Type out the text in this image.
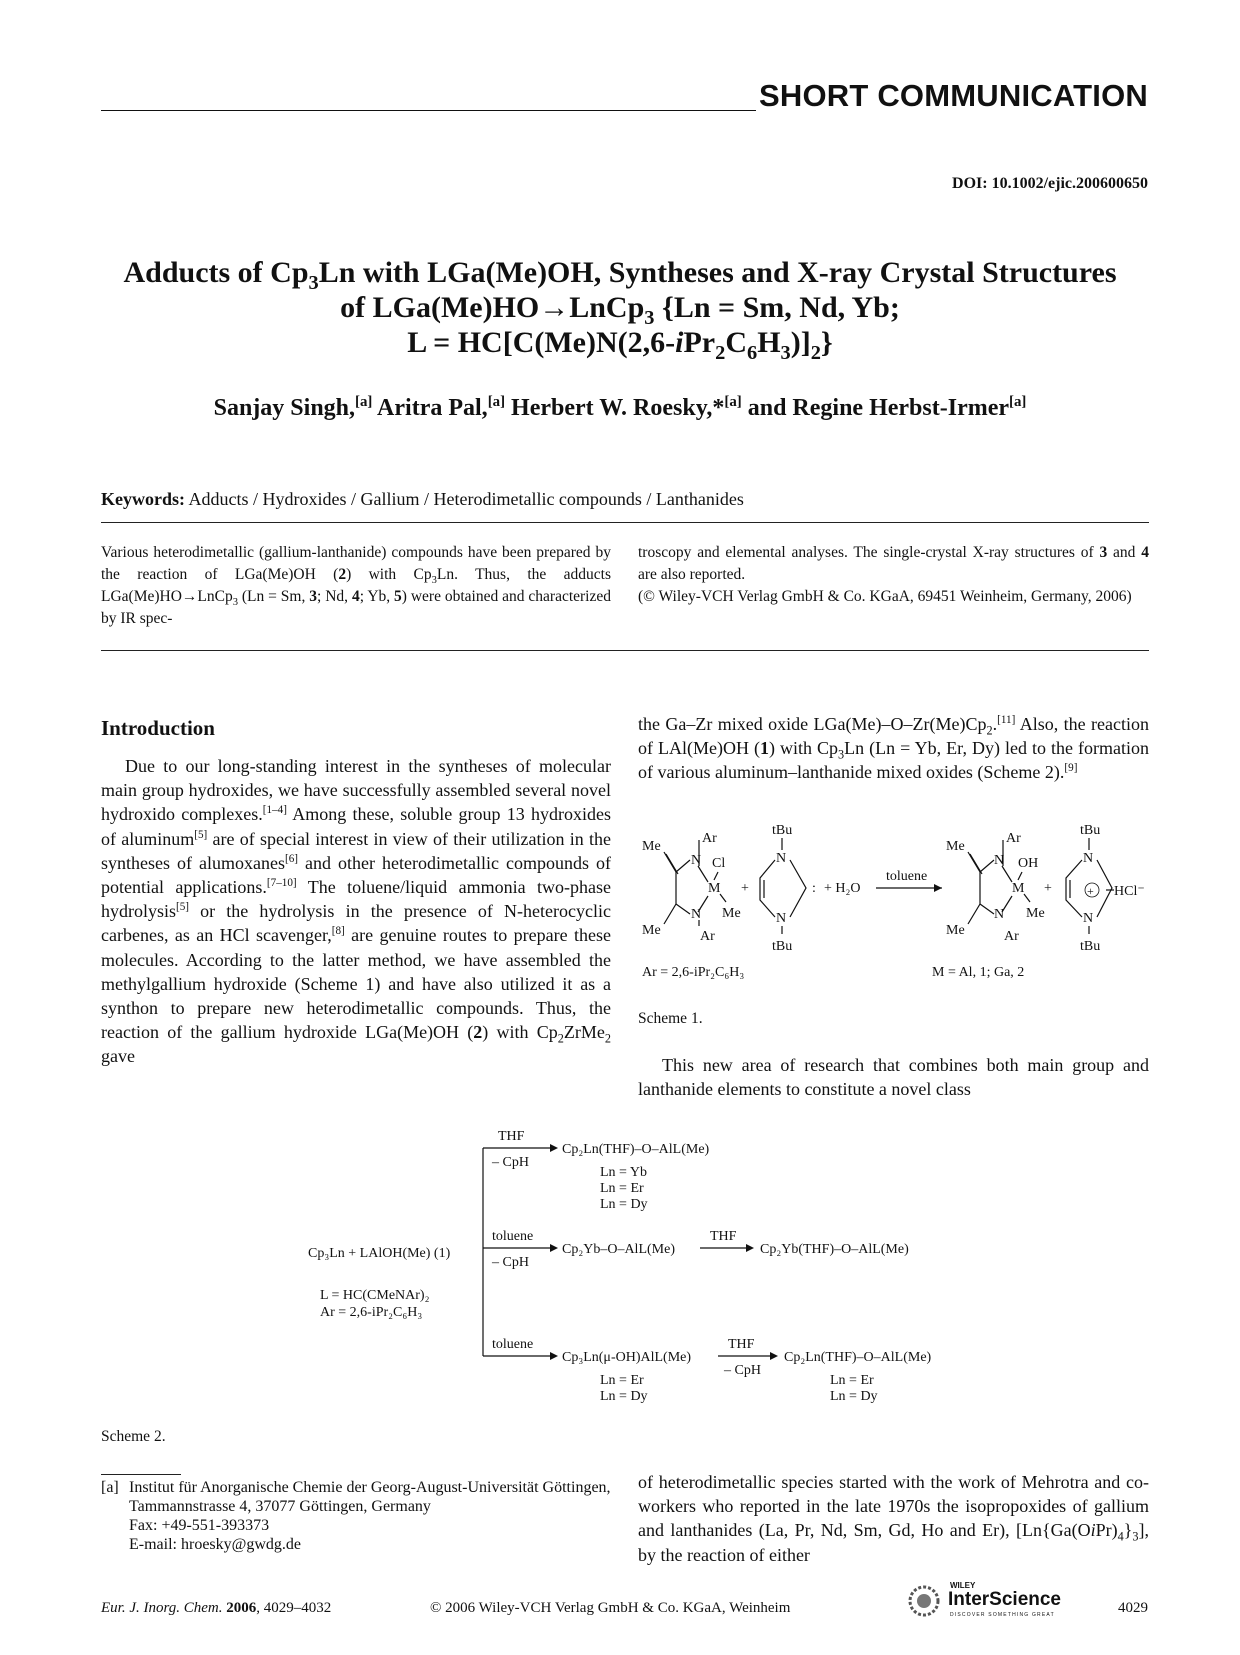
SHORT COMMUNICATION
DOI: 10.1002/ejic.200600650
Adducts of $Cp_3Ln$ with LGa(Me)OH, Syntheses and X-ray Crystal Structures
of LGa(Me)HO→LnCp$_3$ {Ln = Sm, Nd, Yb;
$L = HC[C(Me)N(2,6-iPr_2C_6H_3)]_2$}
Sanjay Singh,[a] Aritra Pal,[a] Herbert W. Roesky,*[a] and Regine Herbst-Irmer[a]
Keywords: Adducts / Hydroxides / Gallium / Heterodimetallic compounds / Lanthanides
Various heterodimetallic (gallium-lanthanide) compounds have been prepared by the reaction of LGa(Me)OH (2) with $Cp_3Ln$. Thus, the adducts LGa(Me)HO→LnCp$_3$ (Ln = Sm, 3; Nd, 4; Yb, 5) were obtained and characterized by IR spec-
troscopy and elemental analyses. The single-crystal X-ray structures of 3 and 4 are also reported.
(© Wiley-VCH Verlag GmbH & Co. KGaA, 69451 Weinheim, Germany, 2006)
Introduction
Due to our long-standing interest in the syntheses of molecular main group hydroxides, we have successfully assembled several novel hydroxido complexes.[1–4] Among these, soluble group 13 hydroxides of aluminum[5] are of special interest in view of their utilization in the syntheses of alumoxanes[6] and other heterodimetallic compounds of potential applications.[7–10] The toluene/liquid ammonia two-phase hydrolysis[5] or the hydrolysis in the presence of N-heterocyclic carbenes, as an HCl scavenger,[8] are genuine routes to prepare these molecules. According to the latter method, we have assembled the methylgallium hydroxide (Scheme 1) and have also utilized it as a synthon to prepare new heterodimetallic compounds. Thus, the reaction of the gallium hydroxide LGa(Me)OH (2) with $Cp_2ZrMe_2$ gave
the Ga–Zr mixed oxide $LGa(Me)-O-Zr(Me)Cp_2.[11]$ Also, the reaction of LAl(Me)OH (1) with $Cp_3Ln$ (Ln = Yb, Er, Dy) led to the formation of various aluminum–lanthanide mixed oxides (Scheme 2).[9]
Me
Me
Ar
Ar
N
N
Cl
M
Me
+
tBu
tBu
N
N
: + H₂O
toluene
Me
Me
Ar
Ar
N
N
OH
M
Me
+
tBu
tBu
N
N
+ HCl⁻
Ar = 2,6-iPr₂C₆H₃	M = Al, 1; Ga, 2
Scheme 1.
This new area of research that combines both main group and lanthanide elements to constitute a novel class
Cp₃Ln + LAlOH(Me) (1)
L = HC(CMeNAr)₂
Ar = 2,6-iPr₂C₆H₃
THF
– CpH
Cp₂Ln(THF)–O–AlL(Me)
Ln = Yb
Ln = Er
Ln = Dy
toluene
– CpH
Cp₂Yb–O–AlL(Me)
THF
Cp₂Yb(THF)–O–AlL(Me)
toluene
Cp₃Ln(μ-OH)AlL(Me)
Ln = Er
Ln = Dy
THF
– CpH
Cp₂Ln(THF)–O–AlL(Me)
Ln = Er
Ln = Dy
Scheme 2.
[a] Institut für Anorganische Chemie der Georg-August-Universität Göttingen,
Tammannstrasse 4, 37077 Göttingen, Germany
Fax: +49-551-393373
E-mail: hroesky@gwdg.de
of heterodimetallic species started with the work of Mehrotra and co-workers who reported in the late 1970s the isopropoxides of gallium and lanthanides (La, Pr, Nd, Sm, Gd, Ho and Er), $[Ln\{Ga(OiPr)_4\}_3]$, by the reaction of either
Eur. J. Inorg. Chem. 2006, 4029–4032	© 2006 Wiley-VCH Verlag GmbH & Co. KGaA, Weinheim
WILEY
InterScience
DISCOVER SOMETHING GREAT	4029
